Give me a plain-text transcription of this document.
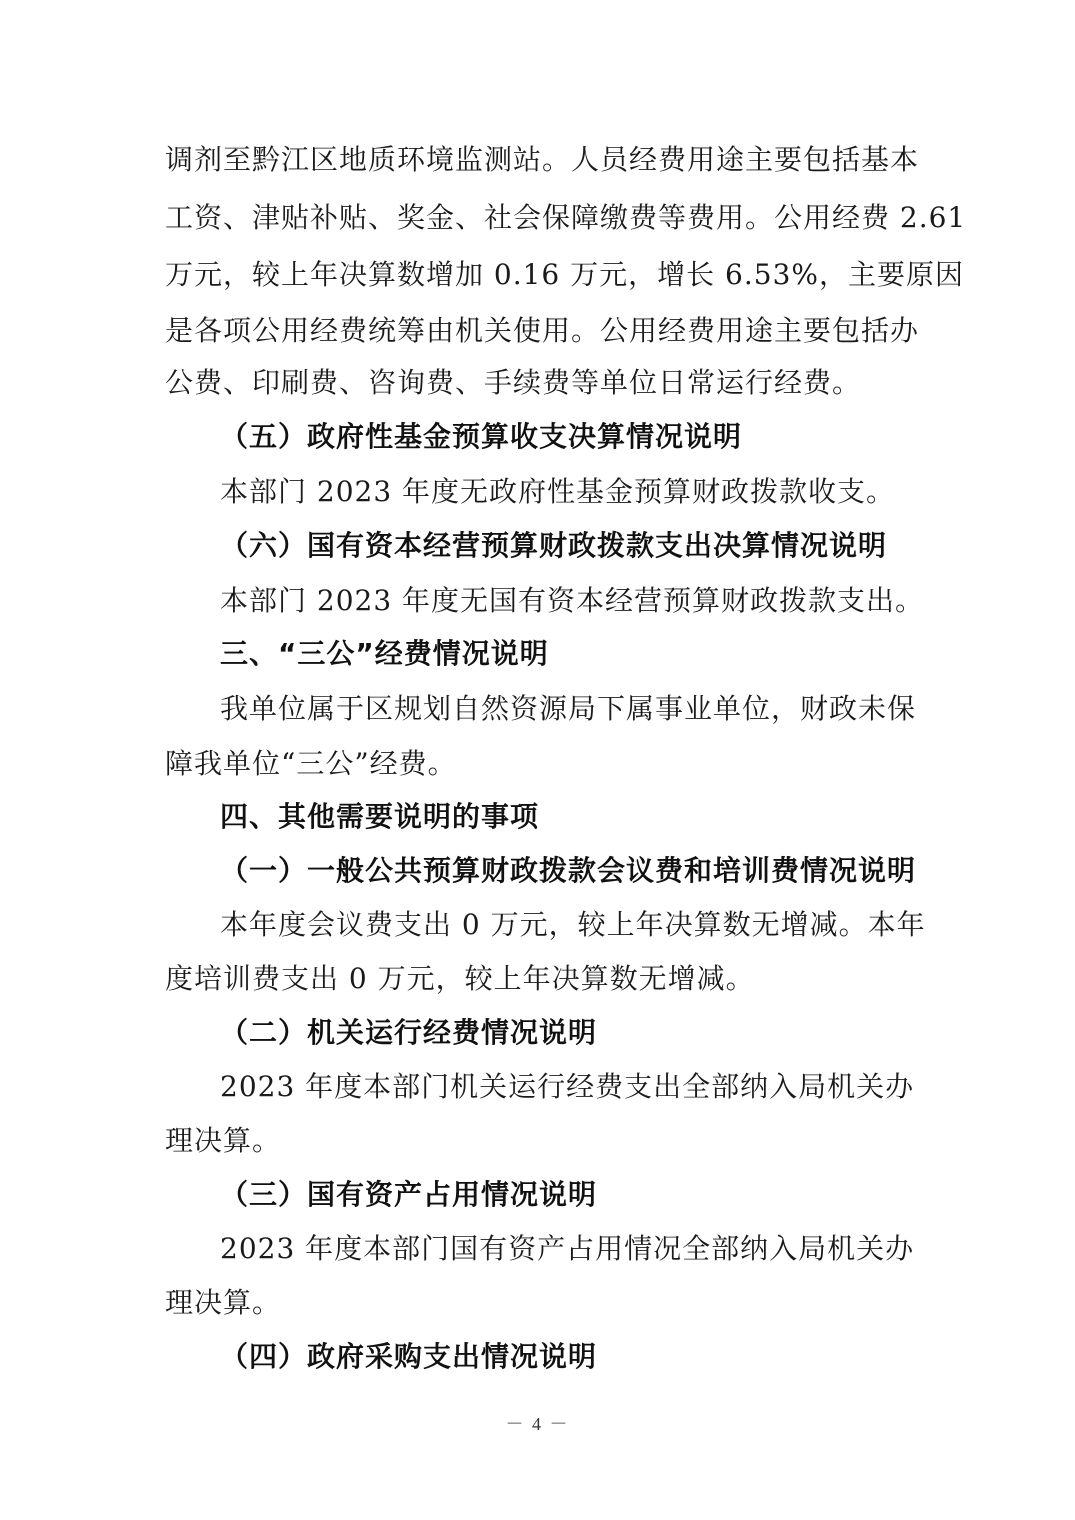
调剂至黔江区地质环境监测站。人员经费用途主要包括基本
工资、津贴补贴、奖金、社会保障缴费等费用。公用经费 2.61
万元，较上年决算数增加 0.16 万元，增长 6.53%，主要原因
是各项公用经费统筹由机关使用。公用经费用途主要包括办
公费、印刷费、咨询费、手续费等单位日常运行经费。
（五）政府性基金预算收支决算情况说明
本部门 2023 年度无政府性基金预算财政拨款收支。
（六）国有资本经营预算财政拨款支出决算情况说明
本部门 2023 年度无国有资本经营预算财政拨款支出。
三、“三公”经费情况说明
我单位属于区规划自然资源局下属事业单位，财政未保
障我单位“三公”经费。
四、其他需要说明的事项
（一）一般公共预算财政拨款会议费和培训费情况说明
本年度会议费支出 0 万元，较上年决算数无增减。本年
度培训费支出 0 万元，较上年决算数无增减。
（二）机关运行经费情况说明
2023 年度本部门机关运行经费支出全部纳入局机关办
理决算。
（三）国有资产占用情况说明
2023 年度本部门国有资产占用情况全部纳入局机关办
理决算。
（四）政府采购支出情况说明
－ 4 －
